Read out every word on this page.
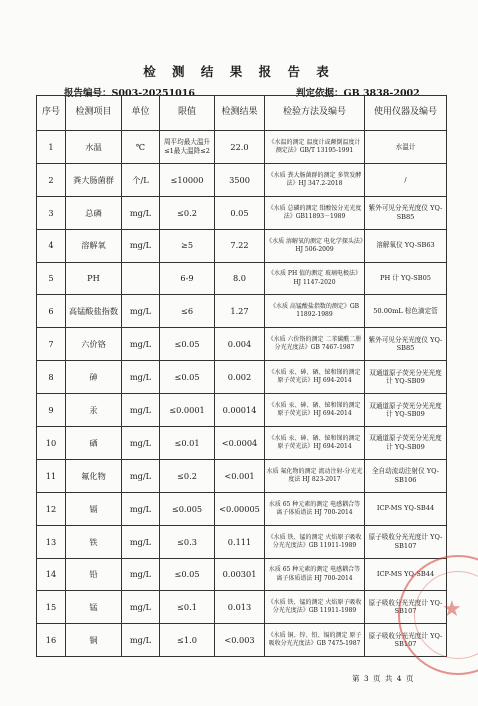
检 测 结 果 报 告 表
报告编号：S003-20251016	判定依据：GB 3838-2002
序号	检测项目	单位	限值	检测结果	检验方法及编号	使用仪器及编号
1	水温	℃	周平均最大温升≤1最大温降≤2	22.0	《水温的测定 温度计或颠倒温度计测定法》GB/T 13195-1991	水温计
2	粪大肠菌群	个/L	≤10000	3500	《水质 粪大肠菌群的测定 多管发酵法》HJ 347.2-2018	/
3	总磷	mg/L	≤0.2	0.05	《水质 总磷的测定 钼酸铵分光光度法》GB11893－1989	紫外可见分光光度仪 YQ-SB85
4	溶解氧	mg/L	≥5	7.22	《水质 溶解氧的测定 电化学探头法》HJ 506-2009	溶解氧仪 YQ-SB63
5	PH		6-9	8.0	《水质 PH 值的测定 玻璃电极法》HJ 1147-2020	PH 计 YQ-SB05
6	高锰酸盐指数	mg/L	≤6	1.27	《水质 高锰酸盐指数的测定》GB 11892-1989	50.00mL 棕色滴定管
7	六价铬	mg/L	≤0.05	0.004	《水质 六价铬的测定 二苯碳酰二肼分光光度法》GB 7467-1987	紫外可见分光光度仪 YQ-SB85
8	砷	mg/L	≤0.05	0.002	《水质 汞、砷、硒、铋和锑的测定 原子荧光法》HJ 694-2014	双通道原子荧光分光光度计 YQ-SB09
9	汞	mg/L	≤0.0001	0.00014	《水质 汞、砷、硒、铋和锑的测定 原子荧光法》HJ 694-2014	双通道原子荧光分光光度计 YQ-SB09
10	硒	mg/L	≤0.01	<0.0004	《水质 汞、砷、硒、铋和锑的测定 原子荧光法》HJ 694-2014	双通道原子荧光分光光度计 YQ-SB09
11	氟化物	mg/L	≤0.2	<0.001	水质 氟化物的测定 流动注射-分光光度法 HJ 823-2017	全自动流动注射仪 YQ-SB106
12	镉	mg/L	≤0.005	<0.00005	水质 65 种元素的测定 电感耦合等离子体质谱法 HJ 700-2014	ICP-MS YQ-SB44
13	铁	mg/L	≤0.3	0.111	《水质 铁、锰的测定 火焰原子吸收分光光度法》GB 11911-1989	原子吸收分光光度计 YQ-SB107
14	铅	mg/L	≤0.05	0.00301	水质 65 种元素的测定 电感耦合等离子体质谱法 HJ 700-2014	ICP-MS YQ-SB44
15	锰	mg/L	≤0.1	0.013	《水质 铁、锰的测定 火焰原子吸收分光光度法》GB 11911-1989	原子吸收分光光度计 YQ-SB107
16	铜	mg/L	≤1.0	<0.003	《水质 铜、锌、铅、镉的测定 原子吸收分光光度法》GB 7475-1987	原子吸收分光光度计 YQ-SB107
★
第 3 页 共 4 页
